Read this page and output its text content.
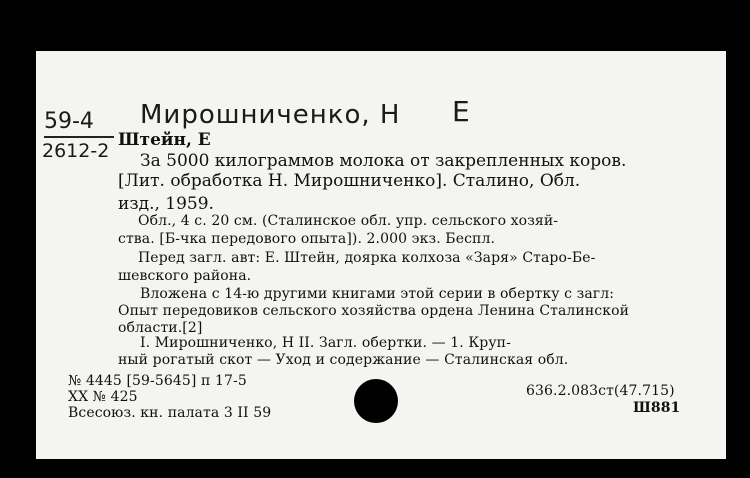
59-4
2612-2
Мирошниченко, Н Е
Штейн, Е
За 5000 килограммов молока от закрепленных коров.
[Лит. обработка Н. Мирошниченко]. Сталино, Обл.
изд., 1959.
Обл., 4 с. 20 см. (Сталинское обл. упр. сельского хозяй-
ства. [Б-чка передового опыта]). 2.000 экз. Беспл.
Перед загл. авт: Е. Штейн, доярка колхоза «Заря» Старо-Бе-
шевского района.
Вложена с 14-ю другими книгами этой серии в обертку с загл:
Опыт передовиков сельского хозяйства ордена Ленина Сталинской
области.[2]
I. Мирошниченко, Н II. Загл. обертки. — 1. Круп-
ный рогатый скот — Уход и содержание — Сталинская обл.
№ 4445 [59-5645] п 17-5
XX № 425
Всесоюз. кн. палата 3 II 59
636.2.083ст(47.715)
Ш881
